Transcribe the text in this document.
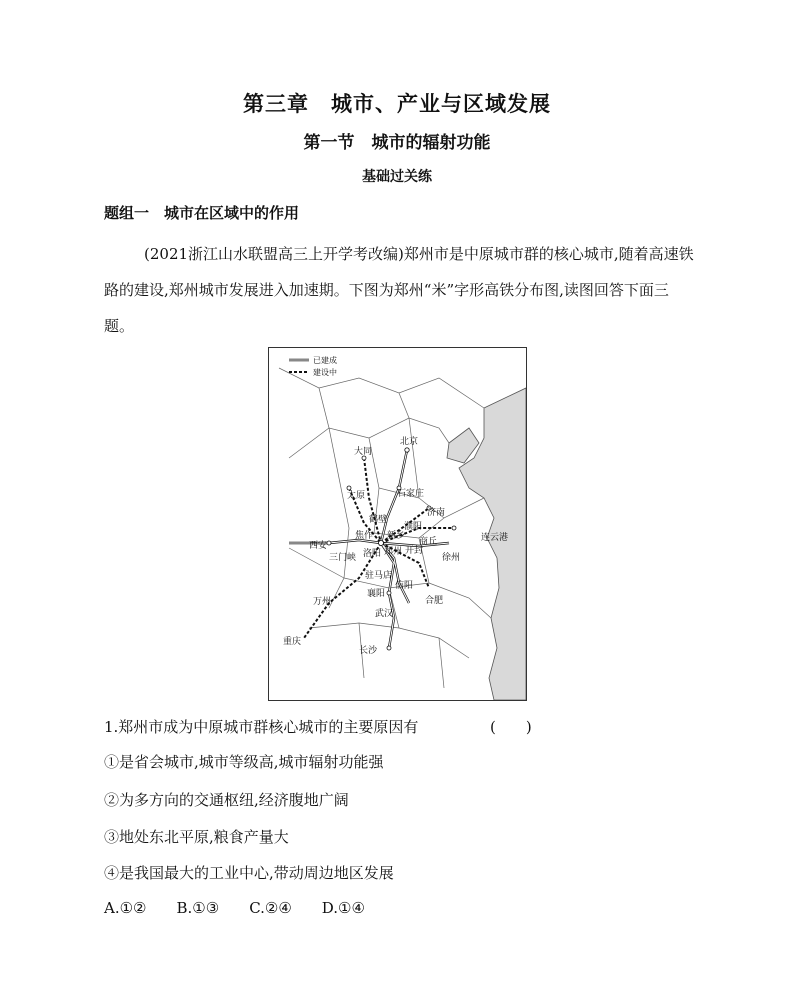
第三章　城市、产业与区域发展
第一节　城市的辐射功能
基础过关练
题组一　城市在区域中的作用
(2021浙江山水联盟高三上开学考改编)郑州市是中原城市群的核心城市,随着高速铁路的建设,郑州城市发展进入加速期。下图为郑州“米”字形高铁分布图,读图回答下面三题。
已建成
建设中
北京
大同
太原	石家庄
济南
鹤壁
濮阳
焦作 新乡
商丘
徐州
连云港
西安
三门峡 洛阳 郑州 开封
驻马店
信阳
襄阳
合肥
万州
武汉
重庆
长沙
1.郑州市成为中原城市群核心城市的主要原因有	(　　)
①是省会城市,城市等级高,城市辐射功能强
②为多方向的交通枢纽,经济腹地广阔
③地处东北平原,粮食产量大
④是我国最大的工业中心,带动周边地区发展
A.①② B.①③ C.②④ D.①④
